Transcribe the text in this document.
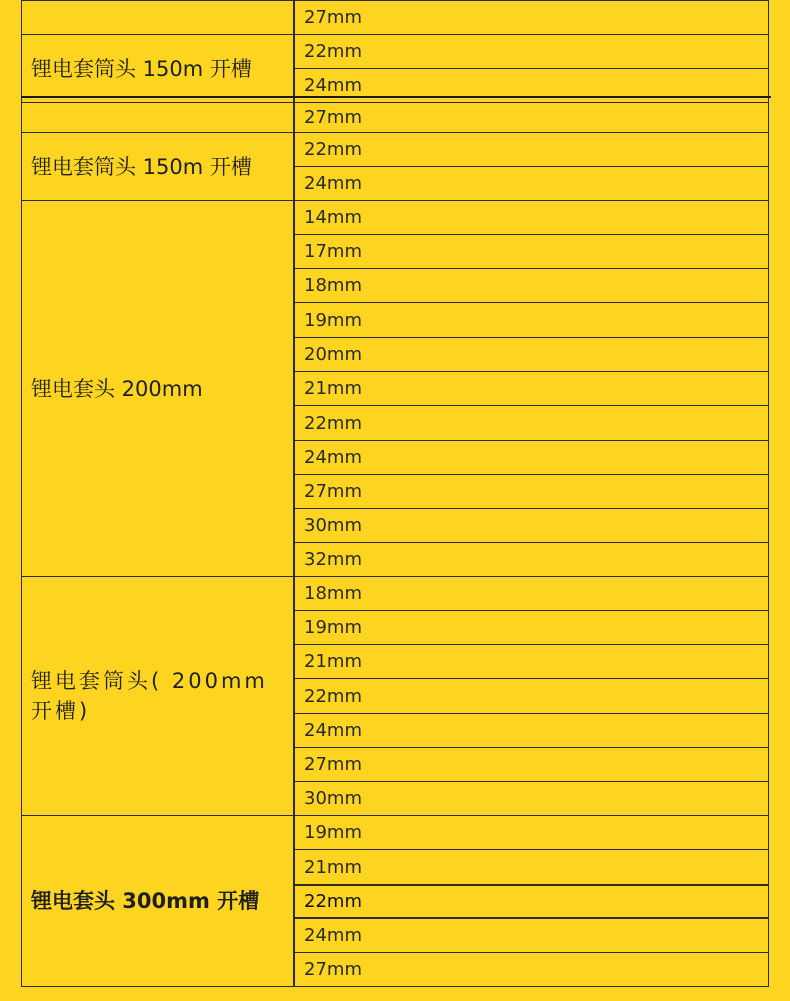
27mm
锂电套筒头 150m 开槽
22mm
24mm
27mm
锂电套筒头 150m 开槽
22mm
24mm
锂电套头 200mm
14mm
17mm
18mm
19mm
20mm
21mm
22mm
24mm
27mm
30mm
32mm
锂电套筒头( 200mm 开槽)
18mm
19mm
21mm
22mm
24mm
27mm
30mm
锂电套头 300mm 开槽
19mm
21mm
22mm
24mm
27mm
